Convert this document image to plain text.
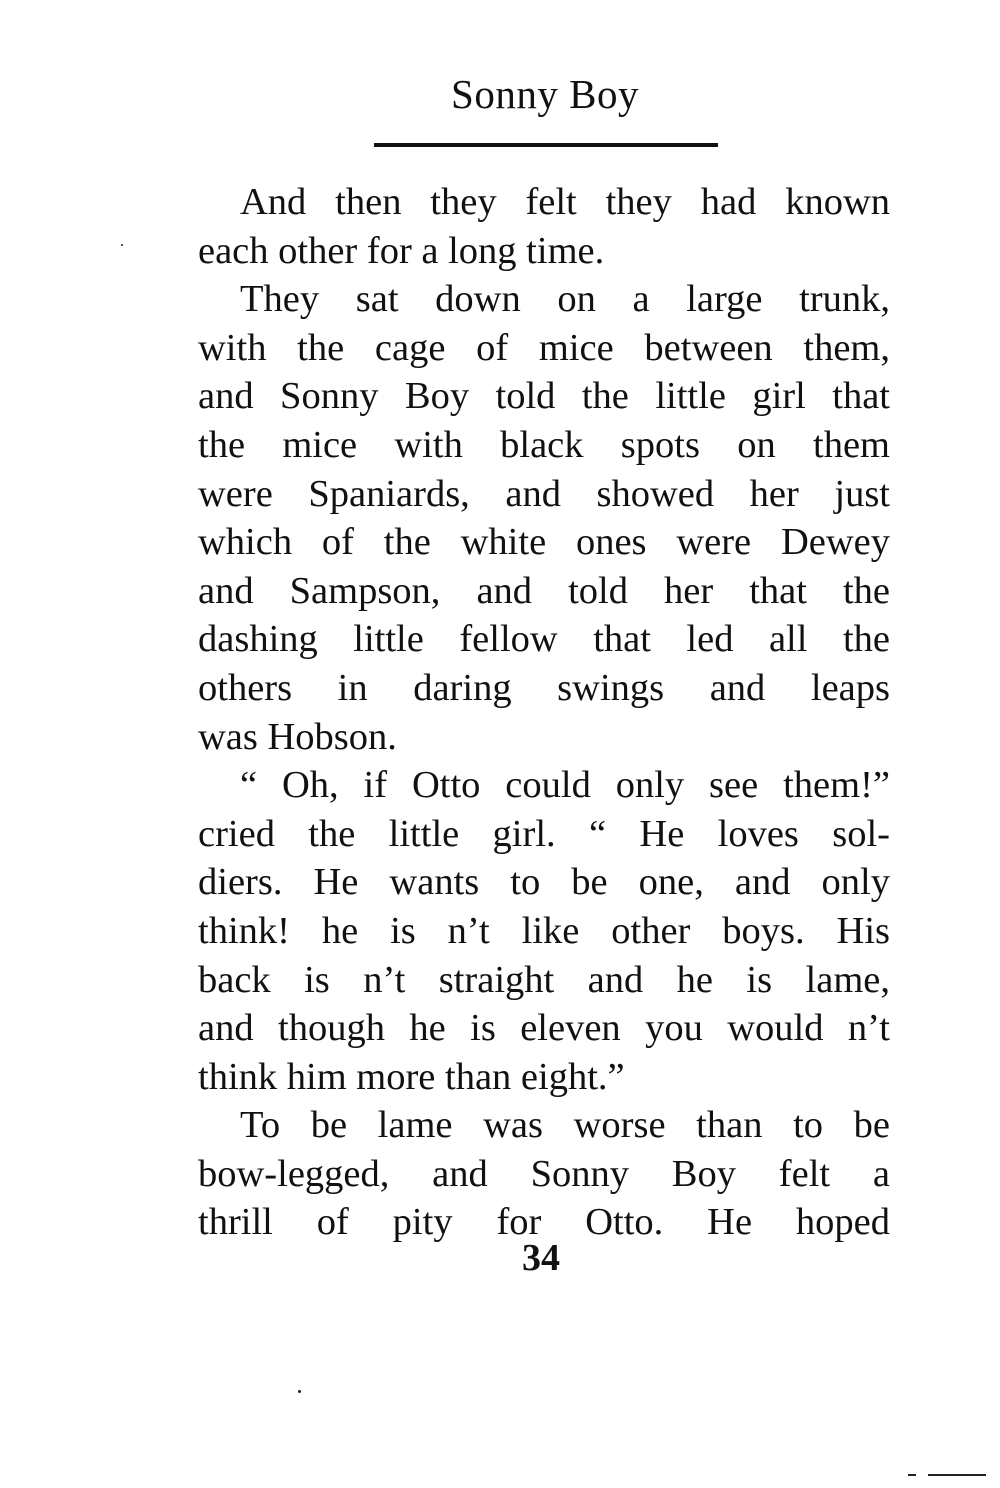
Sonny Boy
And then they felt they had known
each other for a long time.
They sat down on a large trunk,
with the cage of mice between them,
and Sonny Boy told the little girl that
the mice with black spots on them
were Spaniards, and showed her just
which of the white ones were Dewey
and Sampson, and told her that the
dashing little fellow that led all the
others in daring swings and leaps
was Hobson.
“ Oh, if Otto could only see them!”
cried the little girl. “ He loves sol-
diers. He wants to be one, and only
think! he is n’t like other boys. His
back is n’t straight and he is lame,
and though he is eleven you would n’t
think him more than eight.”
To be lame was worse than to be
bow-legged, and Sonny Boy felt a
thrill of pity for Otto. He hoped
34
